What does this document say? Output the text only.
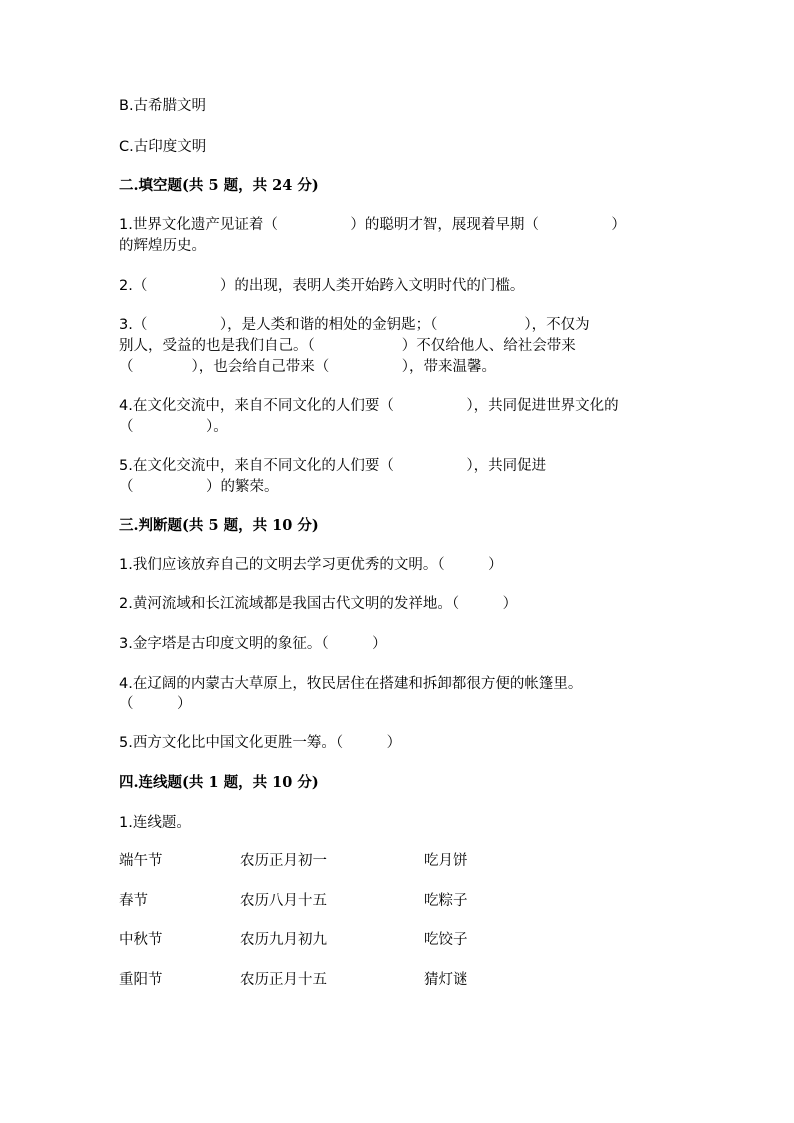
B.古希腊文明
C.古印度文明
二.填空题(共 5 题，共 24 分)
1.世界文化遗产见证着（　　　　　）的聪明才智，展现着早期（　　　　　）
的辉煌历史。
2.（　　　　　）的出现，表明人类开始跨入文明时代的门槛。
3.（　　　　　），是人类和谐的相处的金钥匙；（　　　　　　），不仅为
别人，受益的也是我们自己。（　　　　　　）不仅给他人、给社会带来
（　　　　），也会给自己带来（　　　　　），带来温馨。
4.在文化交流中，来自不同文化的人们要（　　　　　），共同促进世界文化的
（　　　　　）。
5.在文化交流中，来自不同文化的人们要（　　　　　），共同促进
（　　　　　）的繁荣。
三.判断题(共 5 题，共 10 分)
1.我们应该放弃自己的文明去学习更优秀的文明。（　　　）
2.黄河流域和长江流域都是我国古代文明的发祥地。（　　　）
3.金字塔是古印度文明的象征。（　　　）
4.在辽阔的内蒙古大草原上，牧民居住在搭建和拆卸都很方便的帐篷里。
（　　　）
5.西方文化比中国文化更胜一筹。（　　　）
四.连线题(共 1 题，共 10 分)
1.连线题。
端午节	农历正月初一	吃月饼
春节	农历八月十五	吃粽子
中秋节	农历九月初九	吃饺子
重阳节	农历正月十五	猜灯谜
